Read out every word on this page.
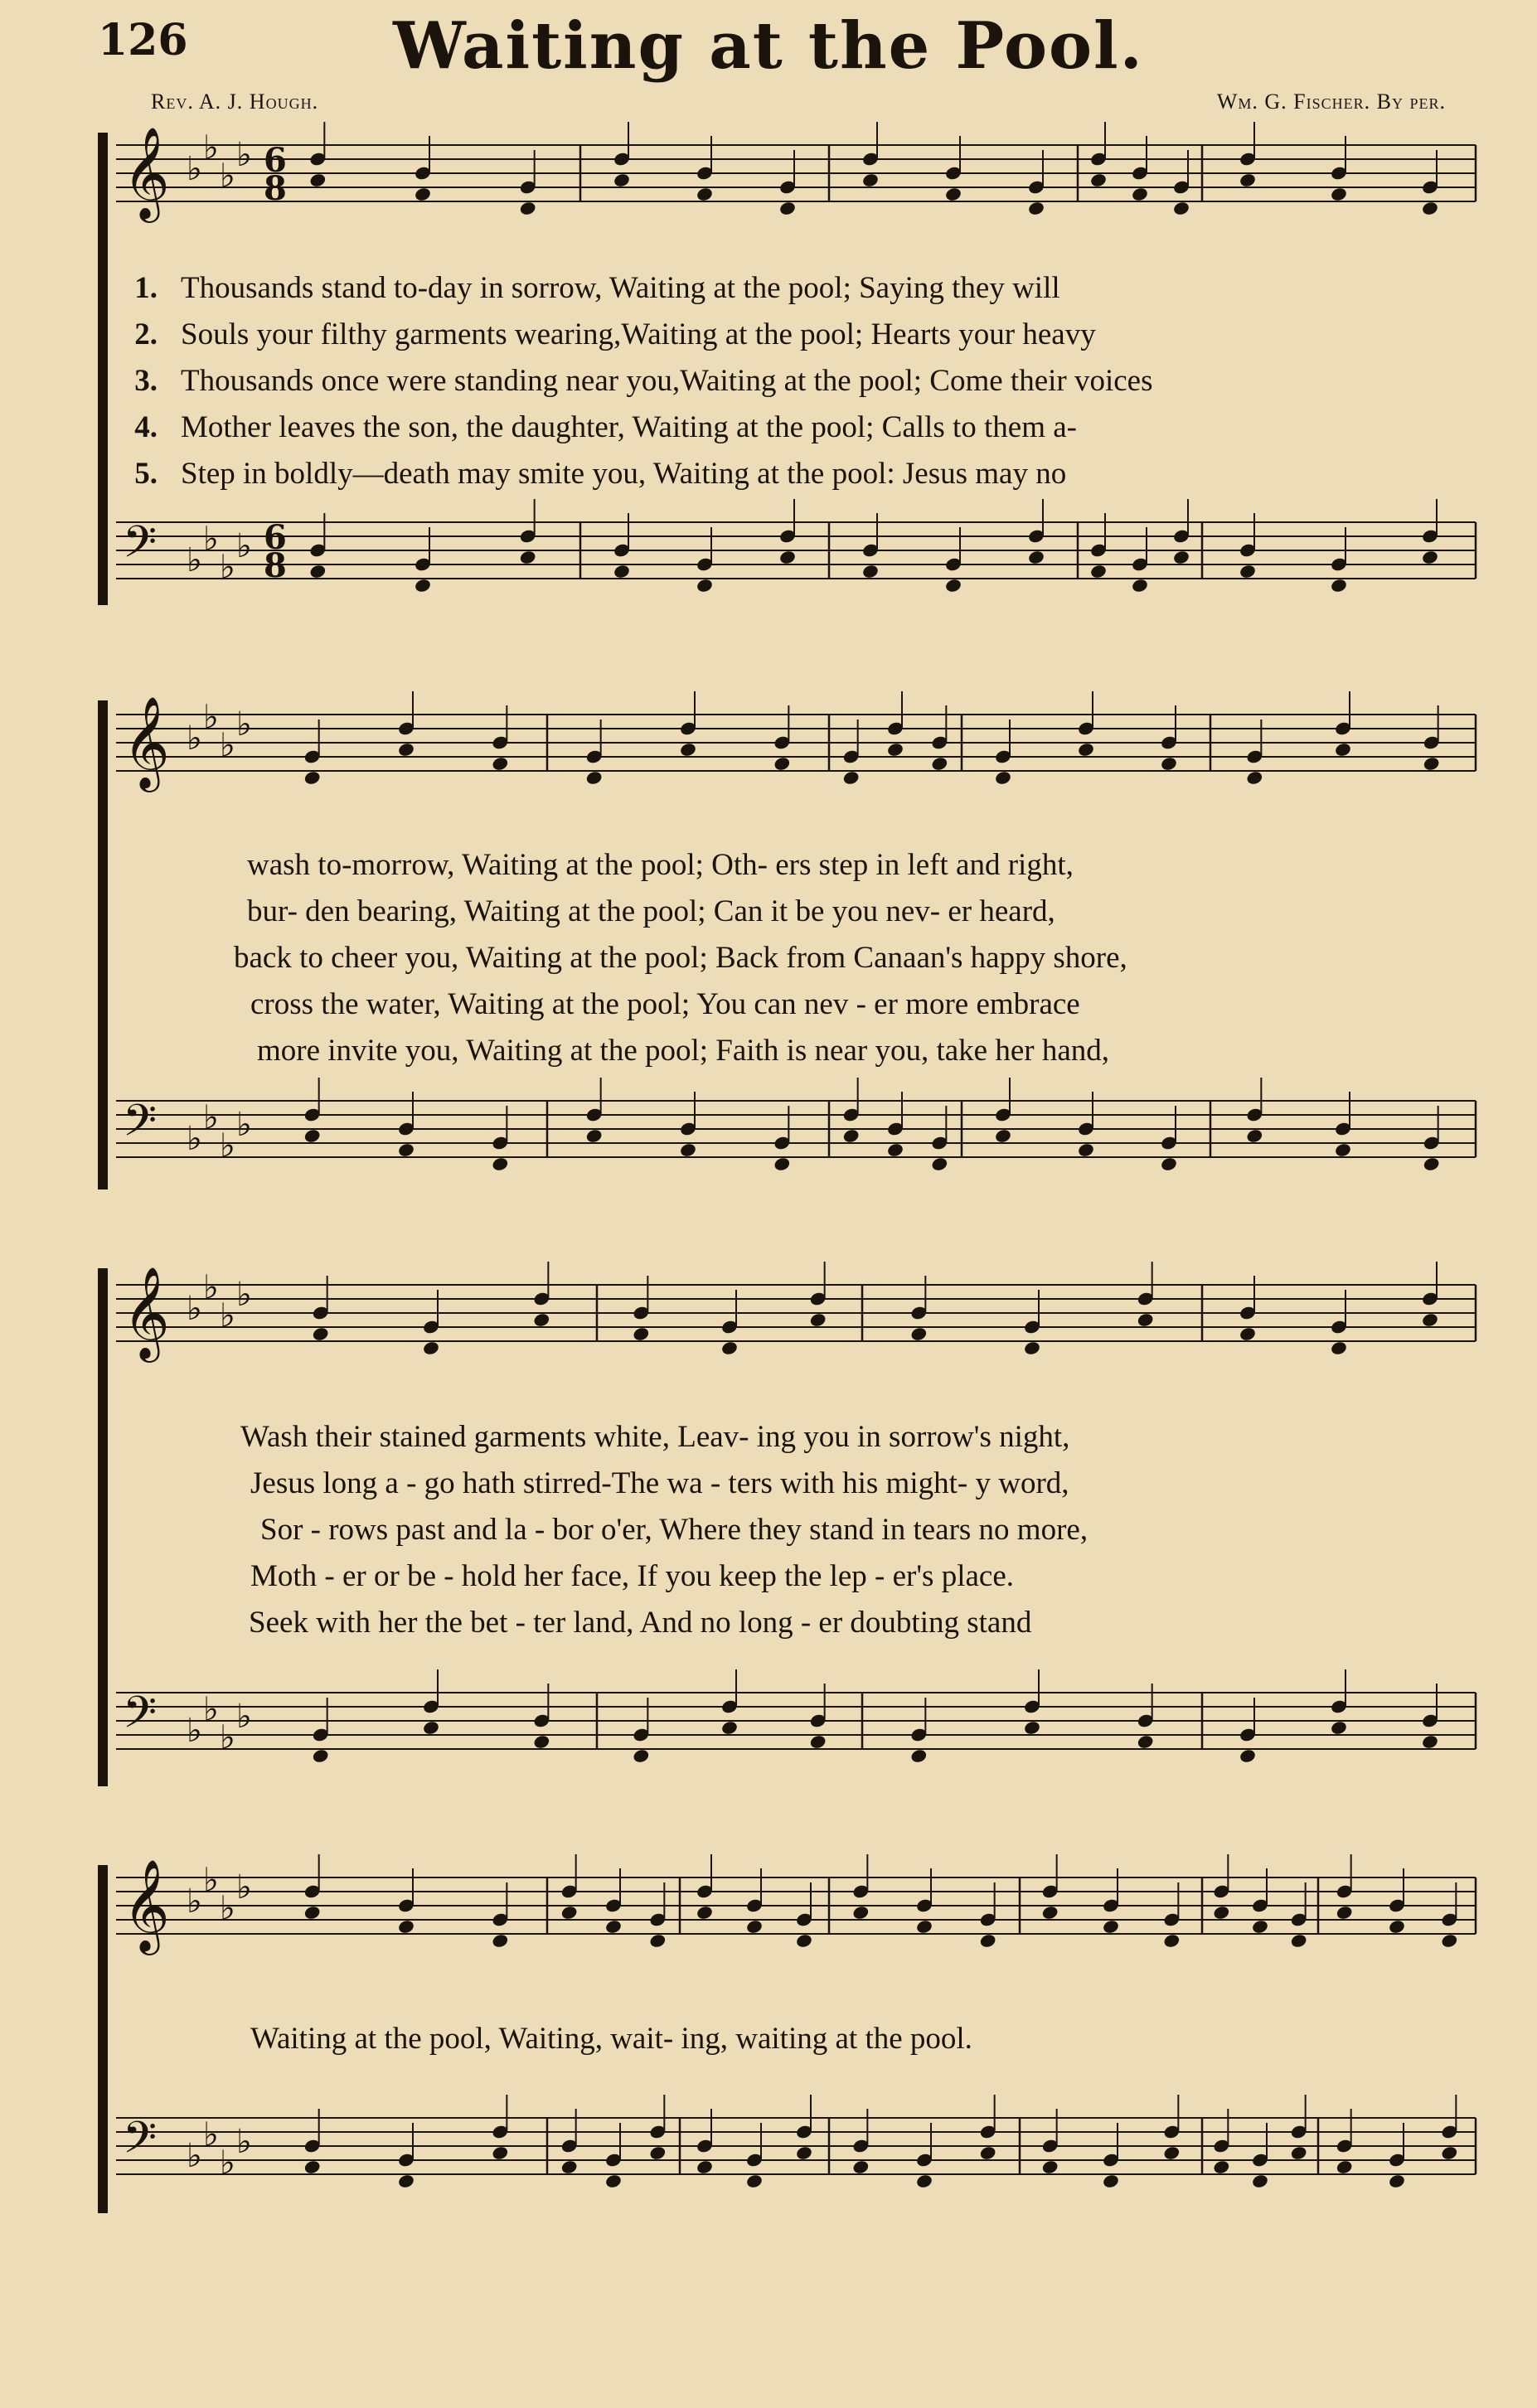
126	Waiting at the Pool.
Rev. A. J. Hough.	Wm. G. Fischer. By per.
𝄞 ♭
♭
♭
♭
𝄢 ♭
♭
♭
♭
𝄞 ♭
♭
♭
♭
𝄢 ♭
♭
♭
♭
𝄞 ♭
♭
♭
♭
𝄢 ♭
♭
♭
♭
𝄞 ♭
♭
♭
♭
𝄢 ♭
♭
♭
♭
6
8
6
8
1. Thousands stand to-day in sorrow, Waiting at the pool; Saying they will
2. Souls your filthy garments wearing,Waiting at the pool; Hearts your heavy
3. Thousands once were standing near you,Waiting at the pool; Come their voices
4. Mother leaves the son, the daughter, Waiting at the pool; Calls to them a-
5. Step in boldly—death may smite you, Waiting at the pool: Jesus may no
wash to-morrow, Waiting at the pool; Oth- ers step in left and right,
bur- den bearing, Waiting at the pool; Can it be you nev- er heard,
back to cheer you, Waiting at the pool; Back from Canaan's happy shore,
cross the water, Waiting at the pool; You can nev - er more embrace
more invite you, Waiting at the pool; Faith is near you, take her hand,
Wash their stained garments white, Leav- ing you in sorrow's night,
Jesus long a - go hath stirred-The wa - ters with his might- y word,
Sor - rows past and la - bor o'er, Where they stand in tears no more,
Moth - er or be - hold her face, If you keep the lep - er's place.
Seek with her the bet - ter land, And no long - er doubting stand
Waiting at the pool, Waiting, wait- ing, waiting at the pool.
